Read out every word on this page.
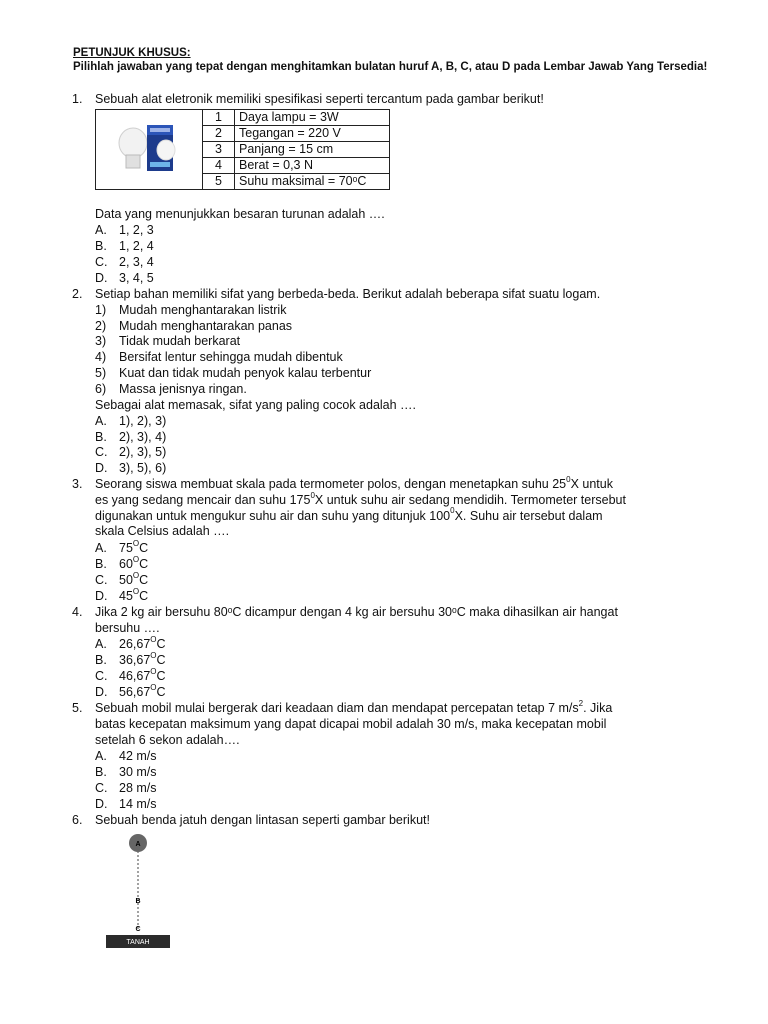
PETUNJUK KHUSUS:
Pilihlah jawaban yang tepat dengan menghitamkan bulatan huruf A, B, C, atau D pada Lembar Jawab Yang Tersedia!
1. Sebuah alat eletronik memiliki spesifikasi seperti tercantum pada gambar berikut!
1	Daya lampu = 3W
2	Tegangan = 220 V
3	Panjang = 15 cm
4	Berat = 0,3 N
5	Suhu maksimal = 70ᵒC
Data yang menunjukkan besaran turunan adalah ….
A. 1, 2, 3
B. 1, 2, 4
C. 2, 3, 4
D. 3, 4, 5
2. Setiap bahan memiliki sifat yang berbeda-beda. Berikut adalah beberapa sifat suatu logam.
1) Mudah menghantarakan listrik
2) Mudah menghantarakan panas
3) Tidak mudah berkarat
4) Bersifat lentur sehingga mudah dibentuk
5) Kuat dan tidak mudah penyok kalau terbentur
6) Massa jenisnya ringan.
Sebagai alat memasak, sifat yang paling cocok adalah ….
A. 1), 2), 3)
B. 2), 3), 4)
C. 2), 3), 5)
D. 3), 5), 6)
3. Seorang siswa membuat skala pada termometer polos, dengan menetapkan suhu $25^0X$ untuk
es yang sedang mencair dan suhu $175^0X$ untuk suhu air sedang mendidih. Termometer tersebut
digunakan untuk mengukur suhu air dan suhu yang ditunjuk $100^0X$. Suhu air tersebut dalam
skala Celsius adalah ….
A. $75^OC$
B. $60^OC$
C. $50^OC$
D. $45^OC$
4. Jika 2 kg air bersuhu 80ᵒC dicampur dengan 4 kg air bersuhu 30ᵒC maka dihasilkan air hangat
bersuhu ….
A. $26,67^OC$
B. $36,67^OC$
C. $46,67^OC$
D. $56,67^OC$
5. Sebuah mobil mulai bergerak dari keadaan diam dan mendapat percepatan tetap 7 $m/s^2$. Jika
batas kecepatan maksimum yang dapat dicapai mobil adalah 30 m/s, maka kecepatan mobil
setelah 6 sekon adalah….
A. 42 m/s
B. 30 m/s
C. 28 m/s
D. 14 m/s
6. Sebuah benda jatuh dengan lintasan seperti gambar berikut!
A
B
C
TANAH
